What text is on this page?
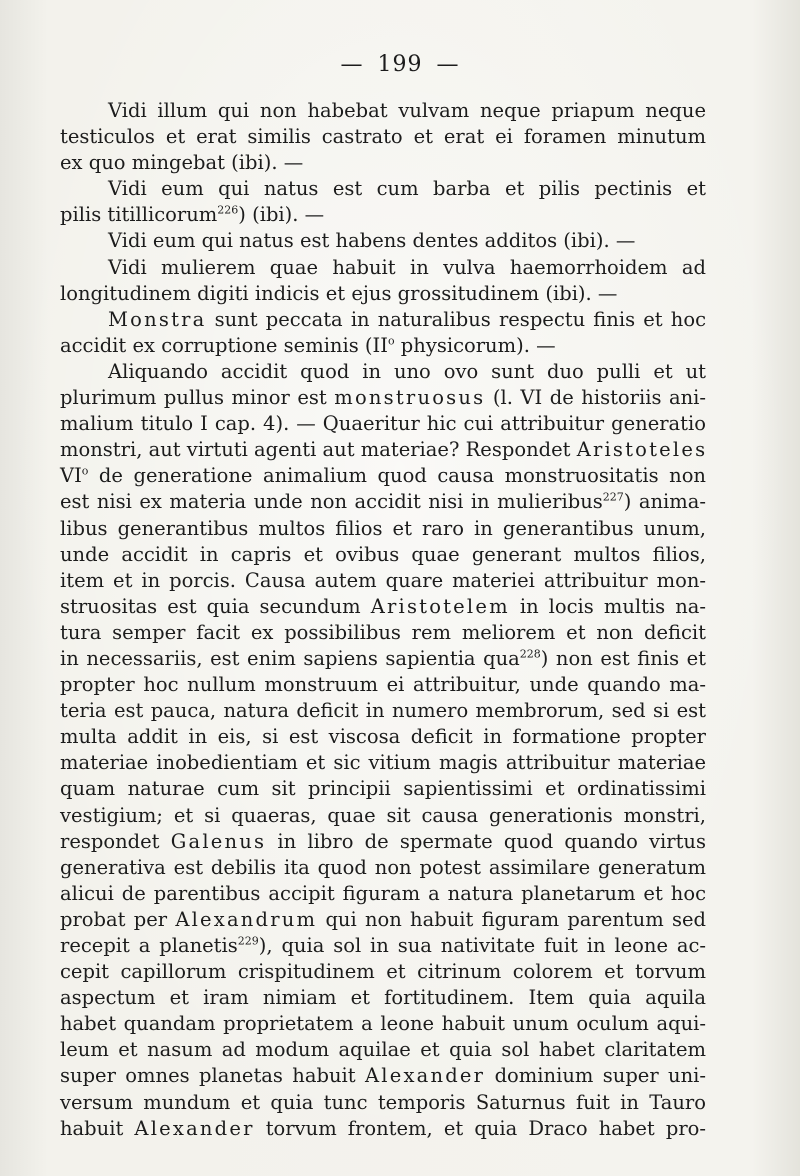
— 199 —
Vidi illum qui non habebat vulvam neque priapum neque
testiculos et erat similis castrato et erat ei foramen minutum
ex quo mingebat (ibi). —
Vidi eum qui natus est cum barba et pilis pectinis et
pilis titillicorum$^{226}$) (ibi). —
Vidi eum qui natus est habens dentes additos (ibi). —
Vidi mulierem quae habuit in vulva haemorrhoidem ad
longitudinem digiti indicis et ejus grossitudinem (ibi). —
Monstra sunt peccata in naturalibus respectu finis et hoc
accidit ex corruptione seminis ($II^o$ physicorum). —
Aliquando accidit quod in uno ovo sunt duo pulli et ut
plurimum pullus minor est monstruosus (l. VI de historiis ani-
malium titulo I cap. 4). — Quaeritur hic cui attribuitur generatio
monstri, aut virtuti agenti aut materiae? Respondet Aristoteles
$VI^o$ de generatione animalium quod causa monstruositatis non
est nisi ex materia unde non accidit nisi in mulieribus$^{227}$) anima-
libus generantibus multos filios et raro in generantibus unum,
unde accidit in capris et ovibus quae generant multos filios,
item et in porcis. Causa autem quare materiei attribuitur mon-
struositas est quia secundum Aristotelem in locis multis na-
tura semper facit ex possibilibus rem meliorem et non deficit
in necessariis, est enim sapiens sapientia qua$^{228}$) non est finis et
propter hoc nullum monstruum ei attribuitur, unde quando ma-
teria est pauca, natura deficit in numero membrorum, sed si est
multa addit in eis, si est viscosa deficit in formatione propter
materiae inobedientiam et sic vitium magis attribuitur materiae
quam naturae cum sit principii sapientissimi et ordinatissimi
vestigium; et si quaeras, quae sit causa generationis monstri,
respondet Galenus in libro de spermate quod quando virtus
generativa est debilis ita quod non potest assimilare generatum
alicui de parentibus accipit figuram a natura planetarum et hoc
probat per Alexandrum qui non habuit figuram parentum sed
recepit a planetis$^{229}$), quia sol in sua nativitate fuit in leone ac-
cepit capillorum crispitudinem et citrinum colorem et torvum
aspectum et iram nimiam et fortitudinem. Item quia aquila
habet quandam proprietatem a leone habuit unum oculum aqui-
leum et nasum ad modum aquilae et quia sol habet claritatem
super omnes planetas habuit Alexander dominium super uni-
versum mundum et quia tunc temporis Saturnus fuit in Tauro
habuit Alexander torvum frontem, et quia Draco habet pro-
